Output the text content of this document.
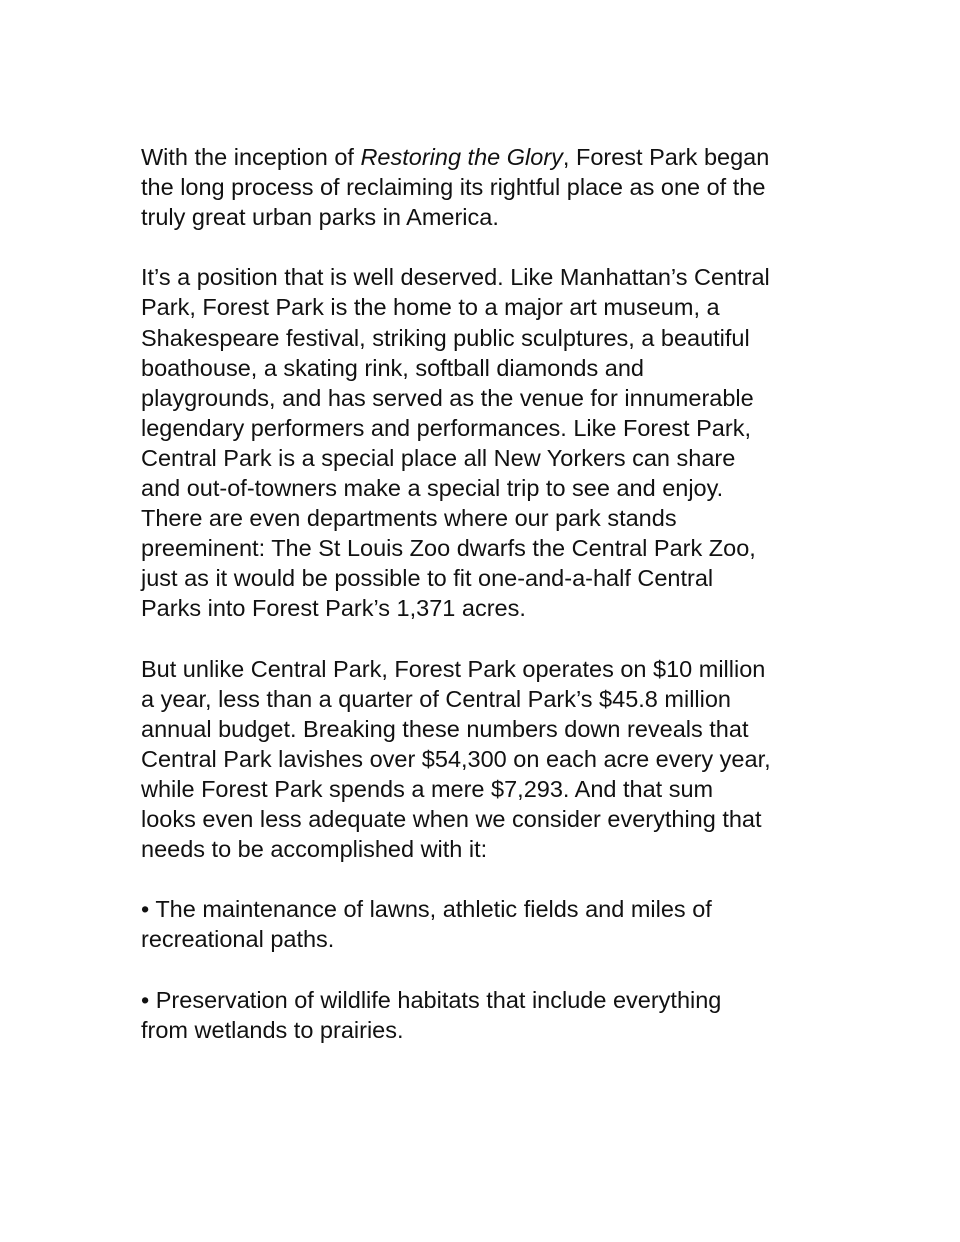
With the inception of Restoring the Glory, Forest Park began
the long process of reclaiming its rightful place as one of the
truly great urban parks in America.

It’s a position that is well deserved. Like Manhattan’s Central
Park, Forest Park is the home to a major art museum, a
Shakespeare festival, striking public sculptures, a beautiful
boathouse, a skating rink, softball diamonds and
playgrounds, and has served as the venue for innumerable
legendary performers and performances. Like Forest Park,
Central Park is a special place all New Yorkers can share
and out-of-towners make a special trip to see and enjoy.
There are even departments where our park stands
preeminent: The St Louis Zoo dwarfs the Central Park Zoo,
just as it would be possible to fit one-and-a-half Central
Parks into Forest Park’s 1,371 acres.

But unlike Central Park, Forest Park operates on $10 million
a year, less than a quarter of Central Park’s $45.8 million
annual budget. Breaking these numbers down reveals that
Central Park lavishes over $54,300 on each acre every year,
while Forest Park spends a mere $7,293. And that sum
looks even less adequate when we consider everything that
needs to be accomplished with it:

• The maintenance of lawns, athletic fields and miles of
recreational paths.

• Preservation of wildlife habitats that include everything
from wetlands to prairies.
